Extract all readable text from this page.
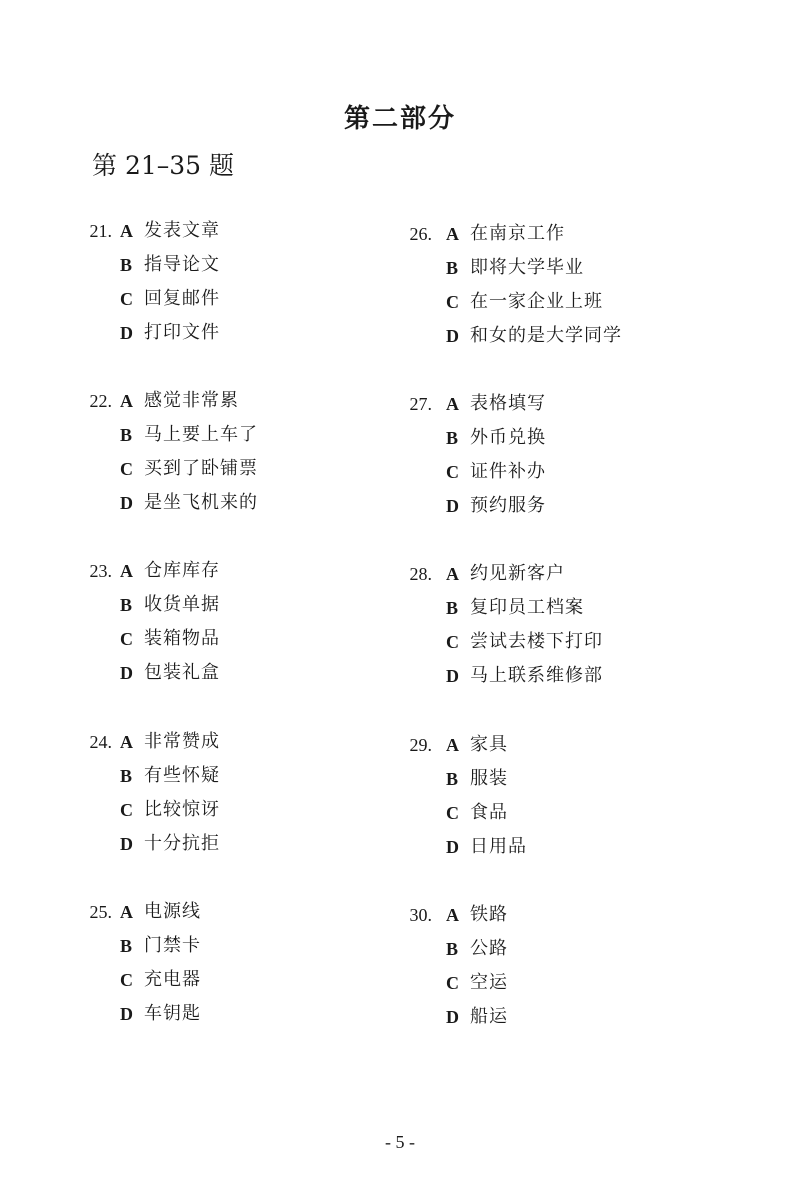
第二部分
第 21–35 题
21. A 发表文章
B 指导论文
C 回复邮件
D 打印文件
22. A 感觉非常累
B 马上要上车了
C 买到了卧铺票
D 是坐飞机来的
23. A 仓库库存
B 收货单据
C 装箱物品
D 包装礼盒
24. A 非常赞成
B 有些怀疑
C 比较惊讶
D 十分抗拒
25. A 电源线
B 门禁卡
C 充电器
D 车钥匙
26. A 在南京工作
B 即将大学毕业
C 在一家企业上班
D 和女的是大学同学
27. A 表格填写
B 外币兑换
C 证件补办
D 预约服务
28. A 约见新客户
B 复印员工档案
C 尝试去楼下打印
D 马上联系维修部
29. A 家具
B 服装
C 食品
D 日用品
30. A 铁路
B 公路
C 空运
D 船运
- 5 -
